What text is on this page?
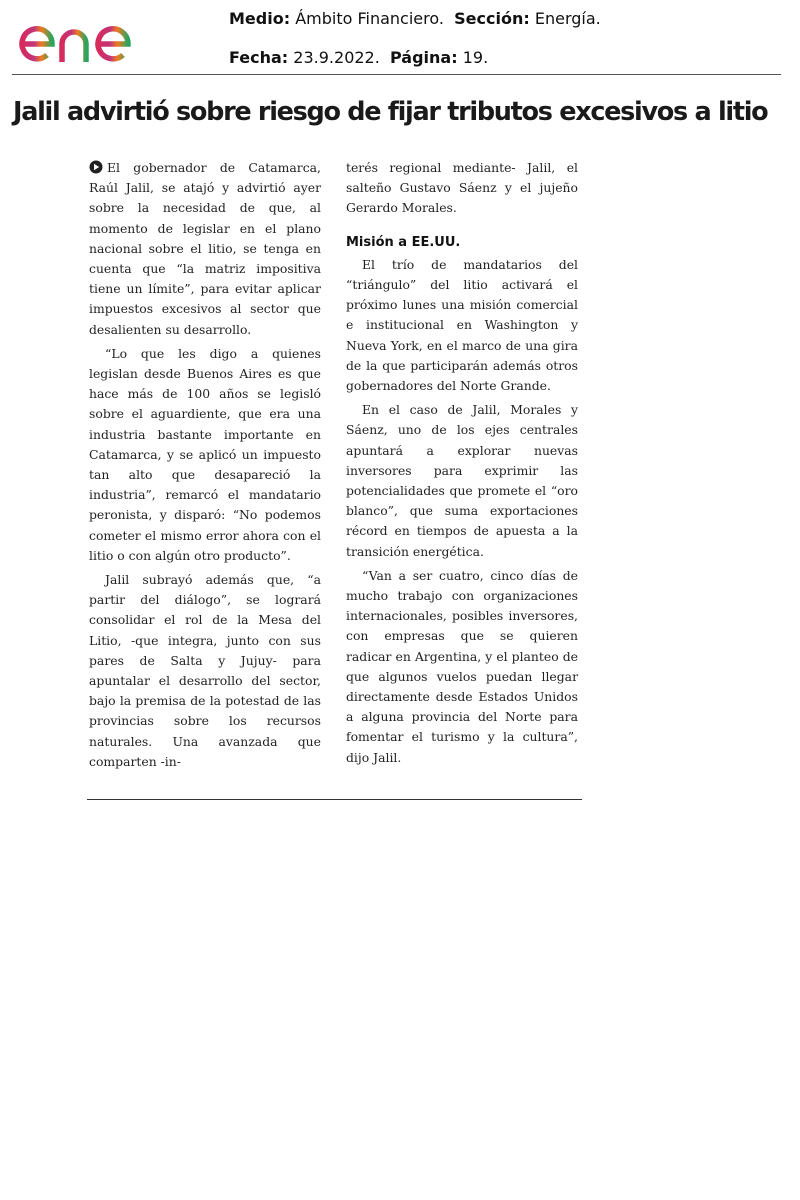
Medio: Ámbito Financiero. Sección: Energía.
Fecha: 23.9.2022. Página: 19.
Jalil advirtió sobre riesgo de fijar tributos excesivos a litio

El gobernador de Catamarca, Raúl Jalil, se atajó y advirtió ayer sobre la necesidad de que, al momento de legislar en el plano nacional sobre el litio, se tenga en cuenta que “la matriz impositiva tiene un límite”, para evitar aplicar impuestos excesivos al sector que desalienten su desarrollo.

“Lo que les digo a quienes legislan desde Buenos Aires es que hace más de 100 años se legisló sobre el aguardiente, que era una industria bastante importante en Catamarca, y se aplicó un impuesto tan alto que desapareció la industria”, remarcó el mandatario peronista, y disparó: “No podemos cometer el mismo error ahora con el litio o con algún otro producto”.

Jalil subrayó además que, “a partir del diálogo”, se logrará consolidar el rol de la Mesa del Litio, -que integra, junto con sus pares de Salta y Jujuy- para apuntalar el desarrollo del sector, bajo la premisa de la potestad de las provincias sobre los recursos naturales. Una avanzada que comparten -in-

terés regional mediante- Jalil, el salteño Gustavo Sáenz y el jujeño Gerardo Morales.

Misión a EE.UU.

El trío de mandatarios del “triángulo” del litio activará el próximo lunes una misión comercial e institucional en Washington y Nueva York, en el marco de una gira de la que participarán además otros gobernadores del Norte Grande.

En el caso de Jalil, Morales y Sáenz, uno de los ejes centrales apuntará a explorar nuevas inversores para exprimir las potencialidades que promete el “oro blanco”, que suma exportaciones récord en tiempos de apuesta a la transición energética.

“Van a ser cuatro, cinco días de mucho trabajo con organizaciones internacionales, posibles inversores, con empresas que se quieren radicar en Argentina, y el planteo de que algunos vuelos puedan llegar directamente desde Estados Unidos a alguna provincia del Norte para fomentar el turismo y la cultura”, dijo Jalil.
